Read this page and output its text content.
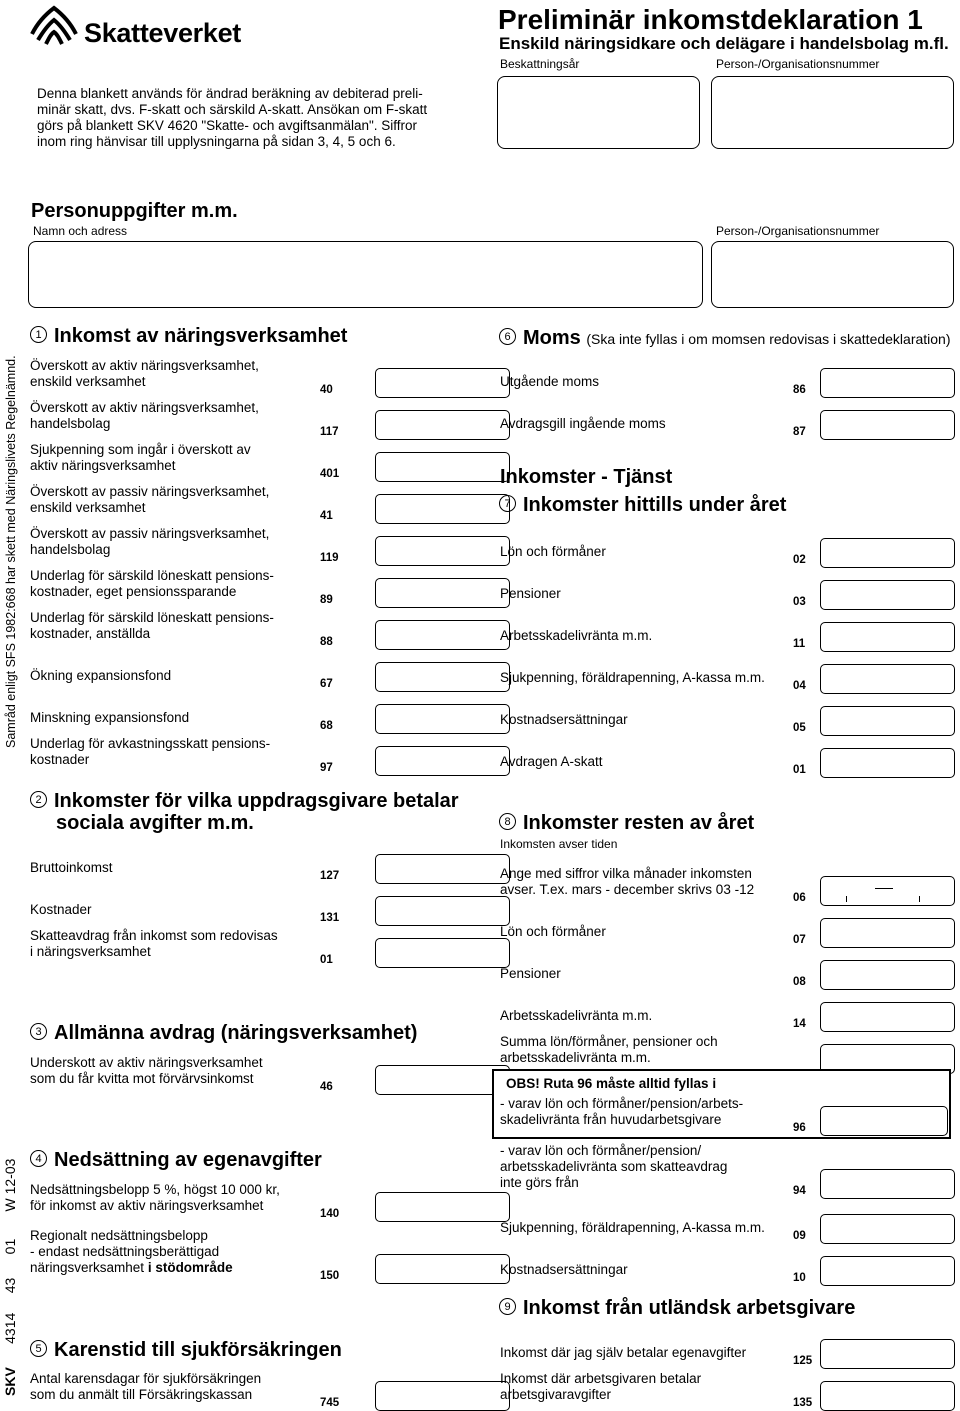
Skatteverket	Preliminär inkomstdeklaration 1
Enskild näringsidkare och delägare i handelsbolag m.fl.
Beskattningsår	Person-/Organisationsnummer
Denna blankett används för ändrad beräkning av debiterad preli-
minär skatt, dvs. F-skatt och särskild A-skatt. Ansökan om F-skatt
görs på blankett SKV 4620 "Skatte- och avgiftsanmälan". Siffror
inom ring hänvisar till upplysningarna på sidan 3, 4, 5 och 6.
Personuppgifter m.m.
Namn och adress	Person-/Organisationsnummer
Samråd enligt SFS 1982:668 har skett med Näringslivets Regelnämnd.
SKV      4314     43      01       W 12-03
1 Inkomst av näringsverksamhet
Överskott av aktiv näringsverksamhet,
enskild verksamhet
40
Överskott av aktiv näringsverksamhet,
handelsbolag
117
Sjukpenning som ingår i överskott av
aktiv näringsverksamhet
401
Överskott av passiv näringsverksamhet,
enskild verksamhet
41
Överskott av passiv näringsverksamhet,
handelsbolag
119
Underlag för särskild löneskatt pensions-
kostnader, eget pensionssparande
89
Underlag för särskild löneskatt pensions-
kostnader, anställda
88
Ökning expansionsfond
67
Minskning expansionsfond
68
Underlag för avkastningsskatt pensions-
kostnader
97
2 Inkomster för vilka uppdragsgivare betalar
sociala avgifter m.m.
Bruttoinkomst
127
Kostnader
131
Skatteavdrag från inkomst som redovisas
i näringsverksamhet
01
3 Allmänna avdrag (näringsverksamhet)
Underskott av aktiv näringsverksamhet
som du får kvitta mot förvärvsinkomst
46
4 Nedsättning av egenavgifter
Nedsättningsbelopp 5 %, högst 10 000 kr,
för inkomst av aktiv näringsverksamhet
140
Regionalt nedsättningsbelopp
- endast nedsättningsberättigad
näringsverksamhet i stödområde
150
5 Karenstid till sjukförsäkringen
Antal karensdagar för sjukförsäkringen
som du anmält till Försäkringskassan
745
6 Moms (Ska inte fyllas i om momsen redovisas i skattedeklaration)
Utgående moms
86
Avdragsgill ingående moms
87
Inkomster - Tjänst
7 Inkomster hittills under året
Lön och förmåner
02
Pensioner
03
Arbetsskadelivränta m.m.
11
Sjukpenning, föräldrapenning, A-kassa m.m.
04
Kostnadsersättningar
05
Avdragen A-skatt
01
8 Inkomster resten av året
Inkomsten avser tiden
Ange med siffror vilka månader inkomsten
avser. T.ex. mars - december skrivs 03 -12
06
Lön och förmåner
07
Pensioner
08
Arbetsskadelivränta m.m.
14
Summa lön/förmåner, pensioner och
arbetsskadelivränta m.m.
OBS! Ruta 96 måste alltid fyllas i
- varav lön och förmåner/pension/arbets-
skadelivränta från huvudarbetsgivare
96
- varav lön och förmåner/pension/
arbetsskadelivränta som skatteavdrag
inte görs från
94
Sjukpenning, föräldrapenning, A-kassa m.m.
09
Kostnadsersättningar
10
9 Inkomst från utländsk arbetsgivare
Inkomst där jag själv betalar egenavgifter
125
Inkomst där arbetsgivaren betalar
arbetsgivaravgifter
135
